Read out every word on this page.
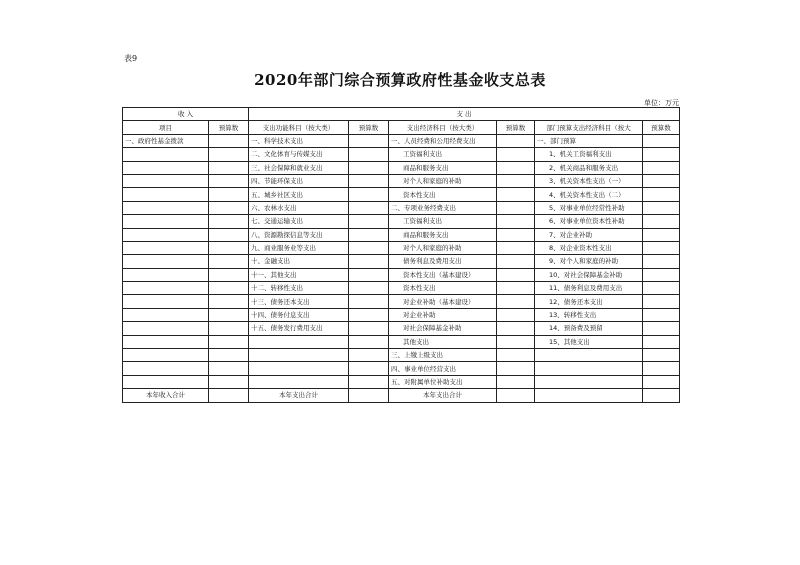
表9
2020年部门综合预算政府性基金收支总表
单位：万元
收 入		支 出					
项目	预算数	支出功能科目（按大类）	预算数	支出经济科目（按大类）	预算数	部门预算支出经济科目（按大	预算数
一、政府性基金拨款		一、科学技术支出		一、人员经费和公用经费支出		一、部门预算	
		二、文化体育与传媒支出		工资福利支出		1、机关工资福利支出	
		三、社会保障和就业支出		商品和服务支出		2、机关商品和服务支出	
		四、节能环保支出		对个人和家庭的补助		3、机关资本性支出（一）	
		五、城乡社区支出		资本性支出		4、机关资本性支出（二）	
		六、农林水支出		二、专项业务经费支出		5、对事业单位经常性补助	
		七、交通运输支出		工资福利支出		6、对事业单位资本性补助	
		八、资源勘探信息等支出		商品和服务支出		7、对企业补助	
		九、商业服务业等支出		对个人和家庭的补助		8、对企业资本性支出	
		十、金融支出		债务利息及费用支出		9、对个人和家庭的补助	
		十一、其他支出		资本性支出（基本建设）		10、对社会保障基金补助	
		十二、转移性支出		资本性支出		11、债务利息及费用支出	
		十三、债务还本支出		对企业补助（基本建设）		12、债务还本支出	
		十四、债务付息支出		对企业补助		13、转移性支出	
		十五、债务发行费用支出		对社会保障基金补助		14、预备费及预留	
				其他支出		15、其他支出	
				三、上缴上级支出			
				四、事业单位经营支出			
				五、对附属单位补助支出			
本年收入合计		本年支出合计		本年支出合计			
